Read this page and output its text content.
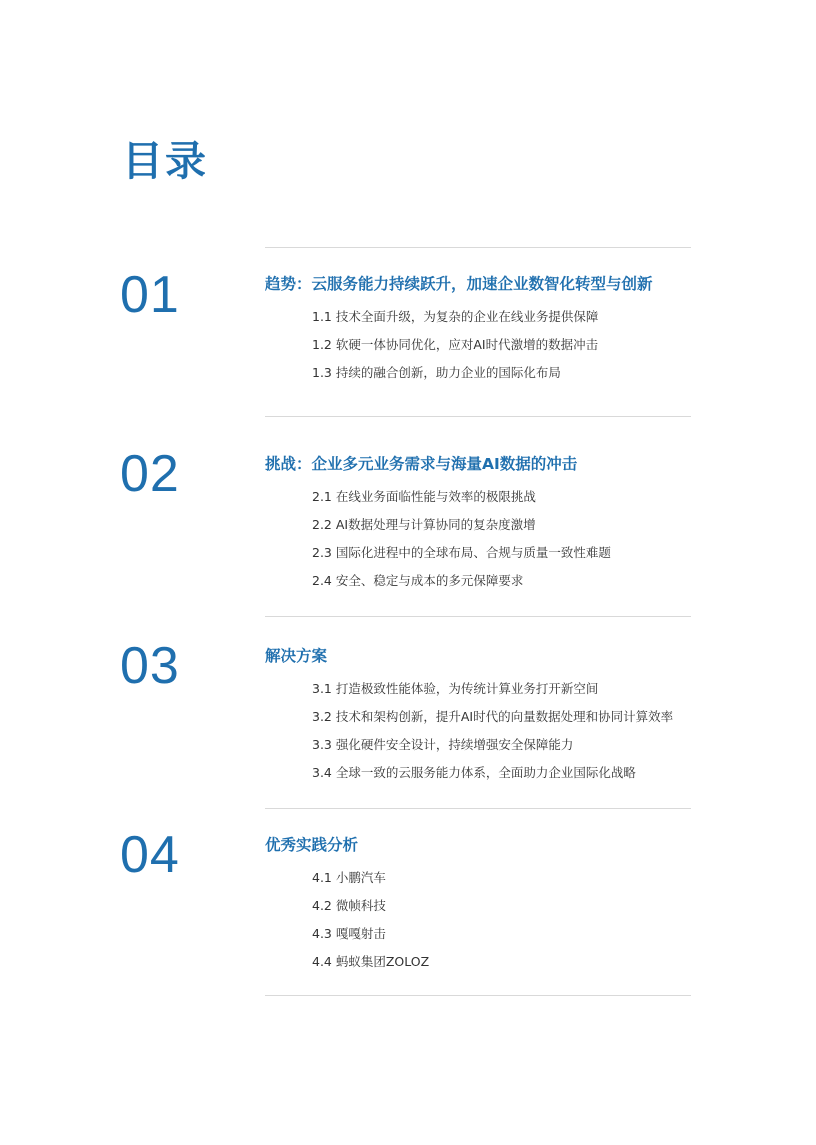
目录
01	趋势：云服务能力持续跃升，加速企业数智化转型与创新
1.1 技术全面升级，为复杂的企业在线业务提供保障
1.2 软硬一体协同优化，应对AI时代激增的数据冲击
1.3 持续的融合创新，助力企业的国际化布局
02	挑战：企业多元业务需求与海量AI数据的冲击
2.1 在线业务面临性能与效率的极限挑战
2.2 AI数据处理与计算协同的复杂度激增
2.3 国际化进程中的全球布局、合规与质量一致性难题
2.4 安全、稳定与成本的多元保障要求
03	解决方案
3.1 打造极致性能体验，为传统计算业务打开新空间
3.2 技术和架构创新，提升AI时代的向量数据处理和协同计算效率
3.3 强化硬件安全设计，持续增强安全保障能力
3.4 全球一致的云服务能力体系，全面助力企业国际化战略
04	优秀实践分析
4.1 小鹏汽车
4.2 微帧科技
4.3 嘎嘎射击
4.4 蚂蚁集团ZOLOZ
